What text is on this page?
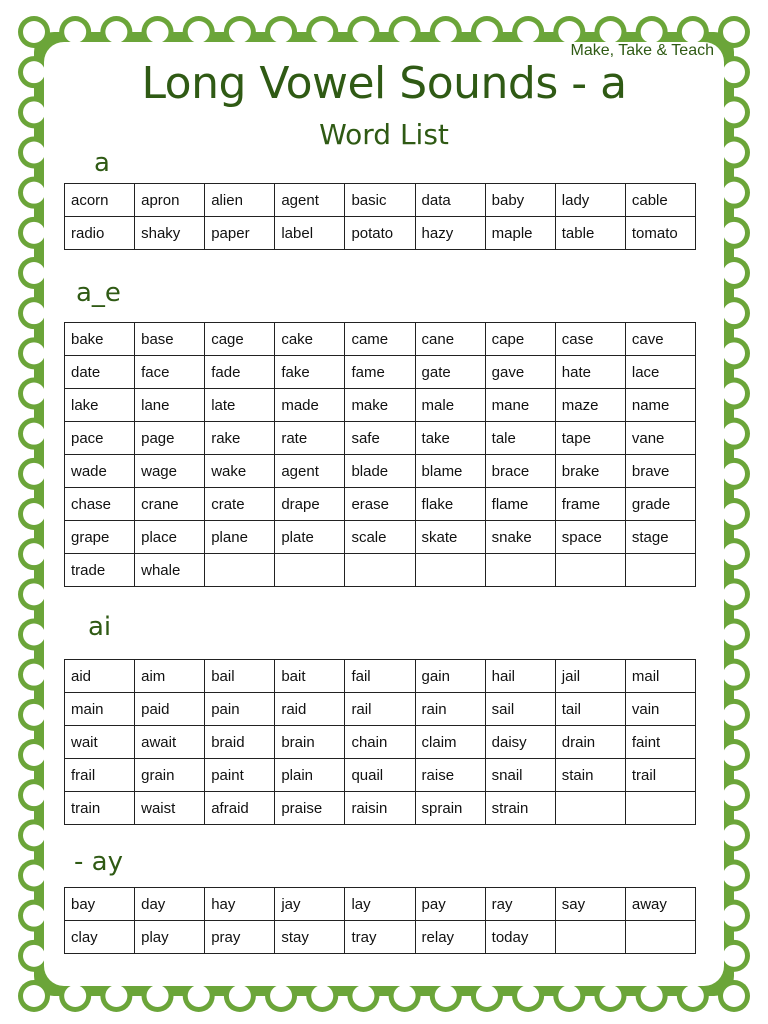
Make, Take & Teach
Long Vowel Sounds - a
Word List
a
acorn	apron	alien	agent	basic	data	baby	lady	cable
radio	shaky	paper	label	potato	hazy	maple	table	tomato
a_e
bake	base	cage	cake	came	cane	cape	case	cave
date	face	fade	fake	fame	gate	gave	hate	lace
lake	lane	late	made	make	male	mane	maze	name
pace	page	rake	rate	safe	take	tale	tape	vane
wade	wage	wake	agent	blade	blame	brace	brake	brave
chase	crane	crate	drape	erase	flake	flame	frame	grade
grape	place	plane	plate	scale	skate	snake	space	stage
trade	whale							
ai
aid	aim	bail	bait	fail	gain	hail	jail	mail
main	paid	pain	raid	rail	rain	sail	tail	vain
wait	await	braid	brain	chain	claim	daisy	drain	faint
frail	grain	paint	plain	quail	raise	snail	stain	trail
train	waist	afraid	praise	raisin	sprain	strain		
- ay
bay	day	hay	jay	lay	pay	ray	say	away
clay	play	pray	stay	tray	relay	today		
